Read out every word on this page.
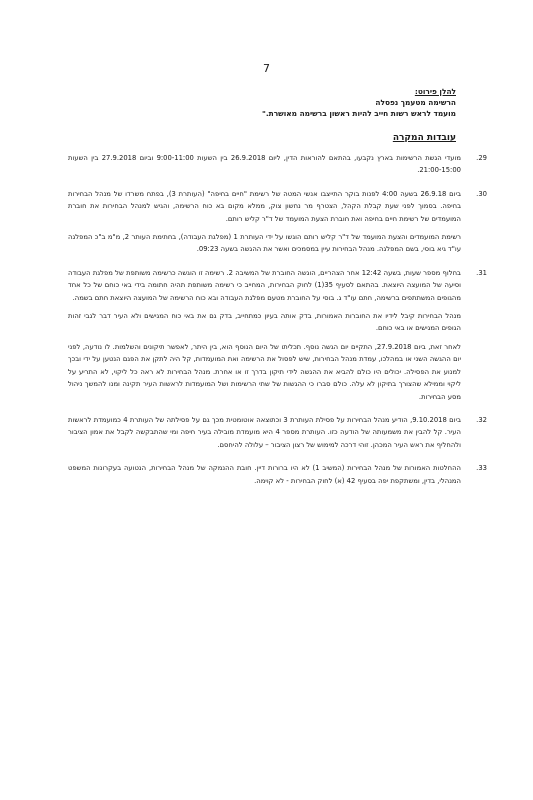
7
להלן פירוט:
הרשימה מטעמך נפסלה
מועמד לראש רשות חייב להיות ראשון ברשימה מאושרת."
עובדות המקרה
29.

מועדי הגשת הרשימות בארץ נקבעו, בהתאם להוראות הדין, ליום 26.9.2018 בין השעות 9:00-11:00 וביום 27.9.2018 בין השעות 21:00-15:00.

30.

ביום 26.9.18 בשעה 4:00 לפנות בוקר התייצבו אנשי המטה של רשימת "חיים בחיפה" (העותרת 3), בפתח משרדו של מנהל הבחירות בחיפה. בסמוך לפני שעת קבלת הקהל, הצטרף מר נחשון צוק, ממלא מקום בא כוח הרשימה, והגיש למנהל הבחירות את חוברת המועמדים של רשימת חיים בחיפה ואת חוברת הצעת המועמד של ד"ר קליש רותם.

רשימת המועמדים והצעת המועמד של ד"ר קליש רותם הוגשו על ידי העותרת 1 (מפלגת העבודה), בחתימת העותר 2, מ"מ ב"כ המפלגה עו"ד גיא בוסי, בשם המפלגה. מנהל הבחירות עיין במסמכים ואשר את ההגשה בשעה 09:23.

31.

בחלוף מספר שעות, בשעה 12:42 אחר הצהריים, הוגשה החוברת של המשיבה 2. רשימה זו הוגשה כרשימה משותפת של מפלגת העבודה וסיעה של המועצה היוצאת. בהתאם לסעיף 35(1) לחוק הבחירות, המחייב כי רשימה משותפת תהיה חתומה בידי באי כוחם של כל אחד מהגופים המשתתפים ברשימה, חתם עו"ד ג. בוסי על החוברת מטעם מפלגת העבודה ובא כוח הרשימה של המועצה היוצאת חתם בשמה.

מנהל הבחירות קיבל לידיו את החוברות האמורות, בדק אותה בעיון כמתחייב, בדק גם את באי כוח המגישים ולא העיר דבר לגבי זהות הגופים המגישים או באי כוחם.

לאחר זאת, ביום 27.9.2018, התקיים יום הגשה נוסף. תכליתו של היום הנוסף הוא, בין היתר, לאפשר תיקונים והשלמות. לו נודעה, לפני יום ההגשה השני או במהלכו, עמדת מנהל הבחירות, שיש לפסול את הרשימה ואת המועמדות, קל היה לתקן את הפגם הנטען על ידי ובכך למנוע את הפסילה. יכולים היו כולם להביא את ההגשה לידי תיקון בדרך זו או אחרת. מנהל הבחירות לא ראה כל ליקוי, לא התריע על ליקוי וממילא שהצורך בתיקון לא עלה. כולם סברו כי ההגשות של שתי הרשימות ושל המועמדות לראשות העיר תקינה ומנו להמשך ניהול מסע הבחירות.

32.

ביום 9.10.2018, הודיע מנהל הבחירות על פסילת העותרת 3 וכתוצאה אוטומטית מכך גם על פסילתה של העותרת 4 כמועמדת לראשות העיר. קל להבין את משמעותה של הודעה כזו. העותרת מספר 4 היא מועמדת מובילה בעיר חיפה ומי שהתבקשה לקבל את אמון הציבור ולהחליף את ראש העיר המכהן. זוהי דרכה למימוש של רצון הציבור – עלולה להיחסם.

33.

ההחלטות האמורות של מנהל הבחירות (המשיב 1) לא היו ברורות דיין. חובת ההנמקה של מנהל הבחירות, הנטועה בעקרונות המשפט המנהלי, בדין, ומשתקפת יפה בסעיף 42 (א) לחוק הבחירות - לא קוימה.
